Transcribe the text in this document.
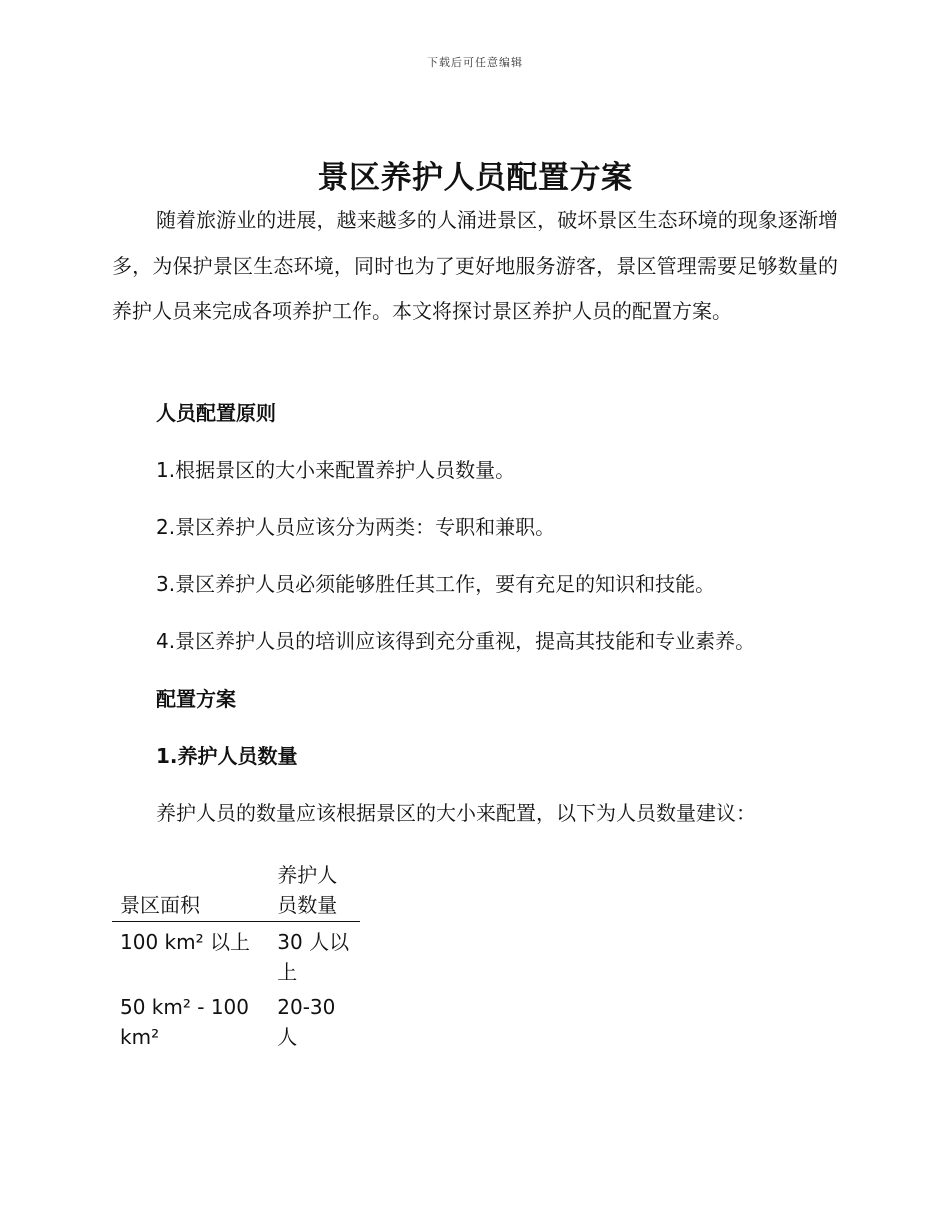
下载后可任意编辑
景区养护人员配置方案

随着旅游业的进展，越来越多的人涌进景区，破坏景区生态环境的现象逐渐增多，为保护景区生态环境，同时也为了更好地服务游客，景区管理需要足够数量的养护人员来完成各项养护工作。本文将探讨景区养护人员的配置方案。

人员配置原则

1.根据景区的大小来配置养护人员数量。

2.景区养护人员应该分为两类：专职和兼职。

3.景区养护人员必须能够胜任其工作，要有充足的知识和技能。

4.景区养护人员的培训应该得到充分重视，提高其技能和专业素养。

配置方案

1.养护人员数量

养护人员的数量应该根据景区的大小来配置，以下为人员数量建议：

景区面积	养护人员数量
100 km² 以上	30 人以上
50 km² - 100 km²	20-30 人
